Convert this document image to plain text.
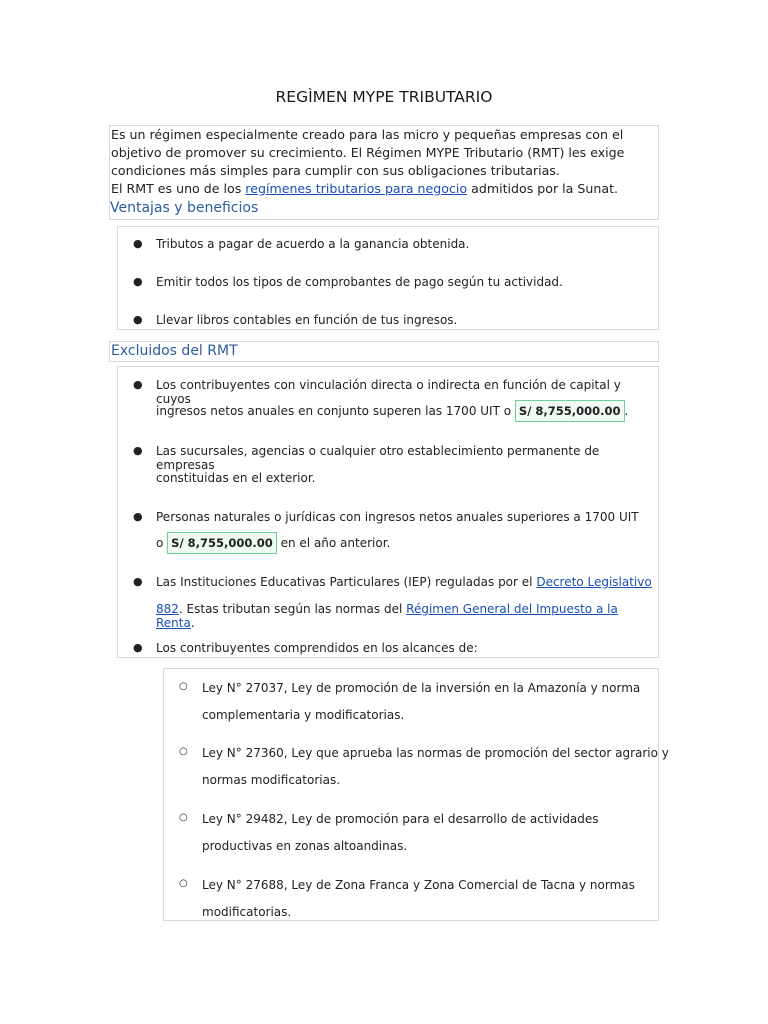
REGÌMEN MYPE TRIBUTARIO

Es un régimen especialmente creado para las micro y pequeñas empresas con el

objetivo de promover su crecimiento. El Régimen MYPE Tributario (RMT) les exige

condiciones más simples para cumplir con sus obligaciones tributarias.

El RMT es uno de los regímenes tributarios para negocio admitidos por la Sunat.

Ventajas y beneficios
● Tributos a pagar de acuerdo a la ganancia obtenida.
● Emitir todos los tipos de comprobantes de pago según tu actividad.
● Llevar libros contables en función de tus ingresos.
Excluidos del RMT
● Los contribuyentes con vinculación directa o indirecta en función de capital y cuyos
ingresos netos anuales en conjunto superen las 1700 UIT o S/ 8,755,000.00 .
● Las sucursales, agencias o cualquier otro establecimiento permanente de empresas
constituidas en el exterior.
● Personas naturales o jurídicas con ingresos netos anuales superiores a 1700 UIT
o S/ 8,755,000.00 en el año anterior.
● Las Instituciones Educativas Particulares (IEP) reguladas por el Decreto Legislativo
882. Estas tributan según las normas del Régimen General del Impuesto a la Renta.
● Los contribuyentes comprendidos en los alcances de:
○ Ley N° 27037, Ley de promoción de la inversión en la Amazonía y norma
complementaria y modificatorias.
○ Ley N° 27360, Ley que aprueba las normas de promoción del sector agrario y
normas modificatorias.
○ Ley N° 29482, Ley de promoción para el desarrollo de actividades
productivas en zonas altoandinas.
○ Ley N° 27688, Ley de Zona Franca y Zona Comercial de Tacna y normas
modificatorias.
